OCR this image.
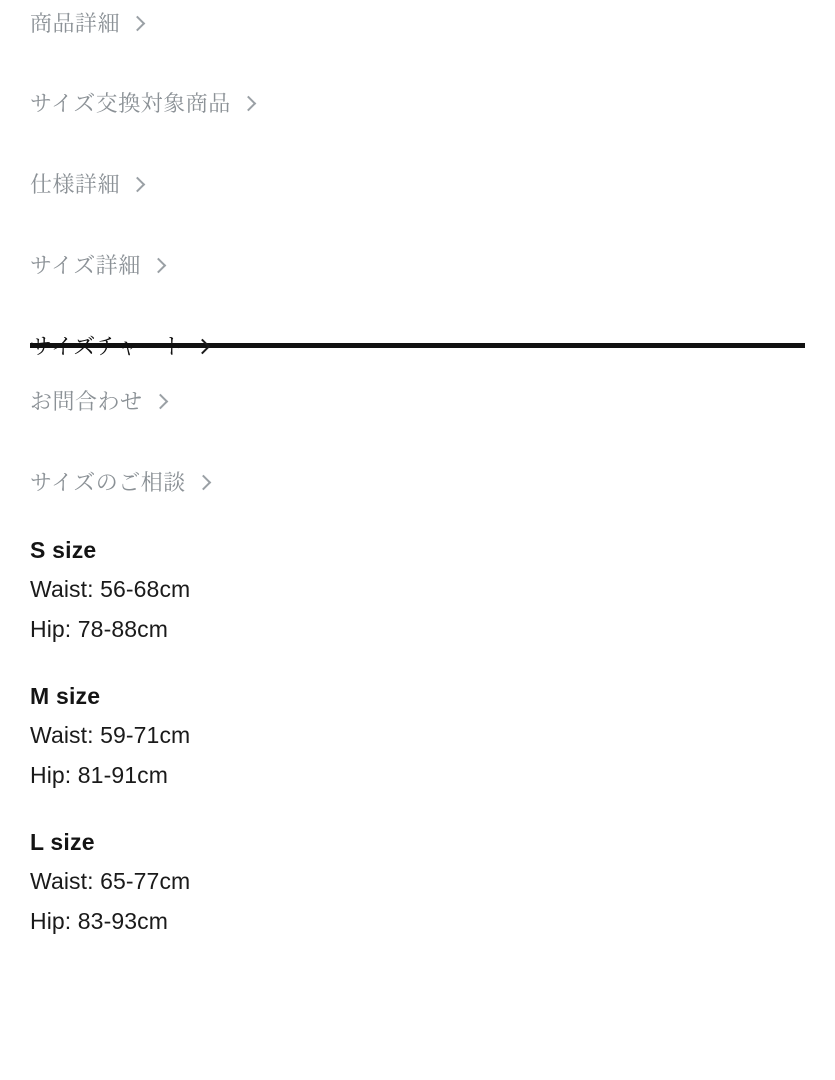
商品詳細
サイズ交換対象商品
仕様詳細
サイズ詳細
サイズチャート
お問合わせ
サイズのご相談
S size
Waist: 56-68cm
Hip: 78-88cm
M size
Waist: 59-71cm
Hip: 81-91cm
L size
Waist: 65-77cm
Hip: 83-93cm
